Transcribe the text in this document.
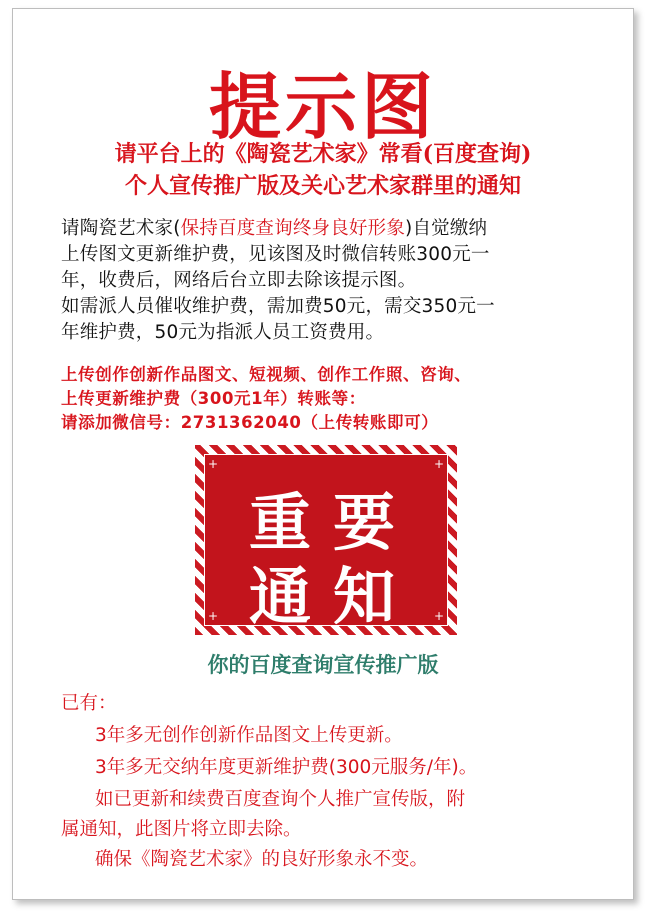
提示图
请平台上的《陶瓷艺术家》常看(百度查询)
个人宣传推广版及关心艺术家群里的通知
请陶瓷艺术家(保持百度查询终身良好形象)自觉缴纳
上传图文更新维护费，见该图及时微信转账300元一
年，收费后，网络后台立即去除该提示图。
如需派人员催收维护费，需加费50元，需交350元一
年维护费，50元为指派人员工资费用。
上传创作创新作品图文、短视频、创作工作照、咨询、
上传更新维护费（300元1年）转账等：
请添加微信号：2731362040（上传转账即可）
+	+
+	+
重要
通知
你的百度查询宣传推广版
已有：
3年多无创作创新作品图文上传更新。
3年多无交纳年度更新维护费(300元服务/年)。
如已更新和续费百度查询个人推广宣传版，附
属通知，此图片将立即去除。
确保《陶瓷艺术家》的良好形象永不变。
